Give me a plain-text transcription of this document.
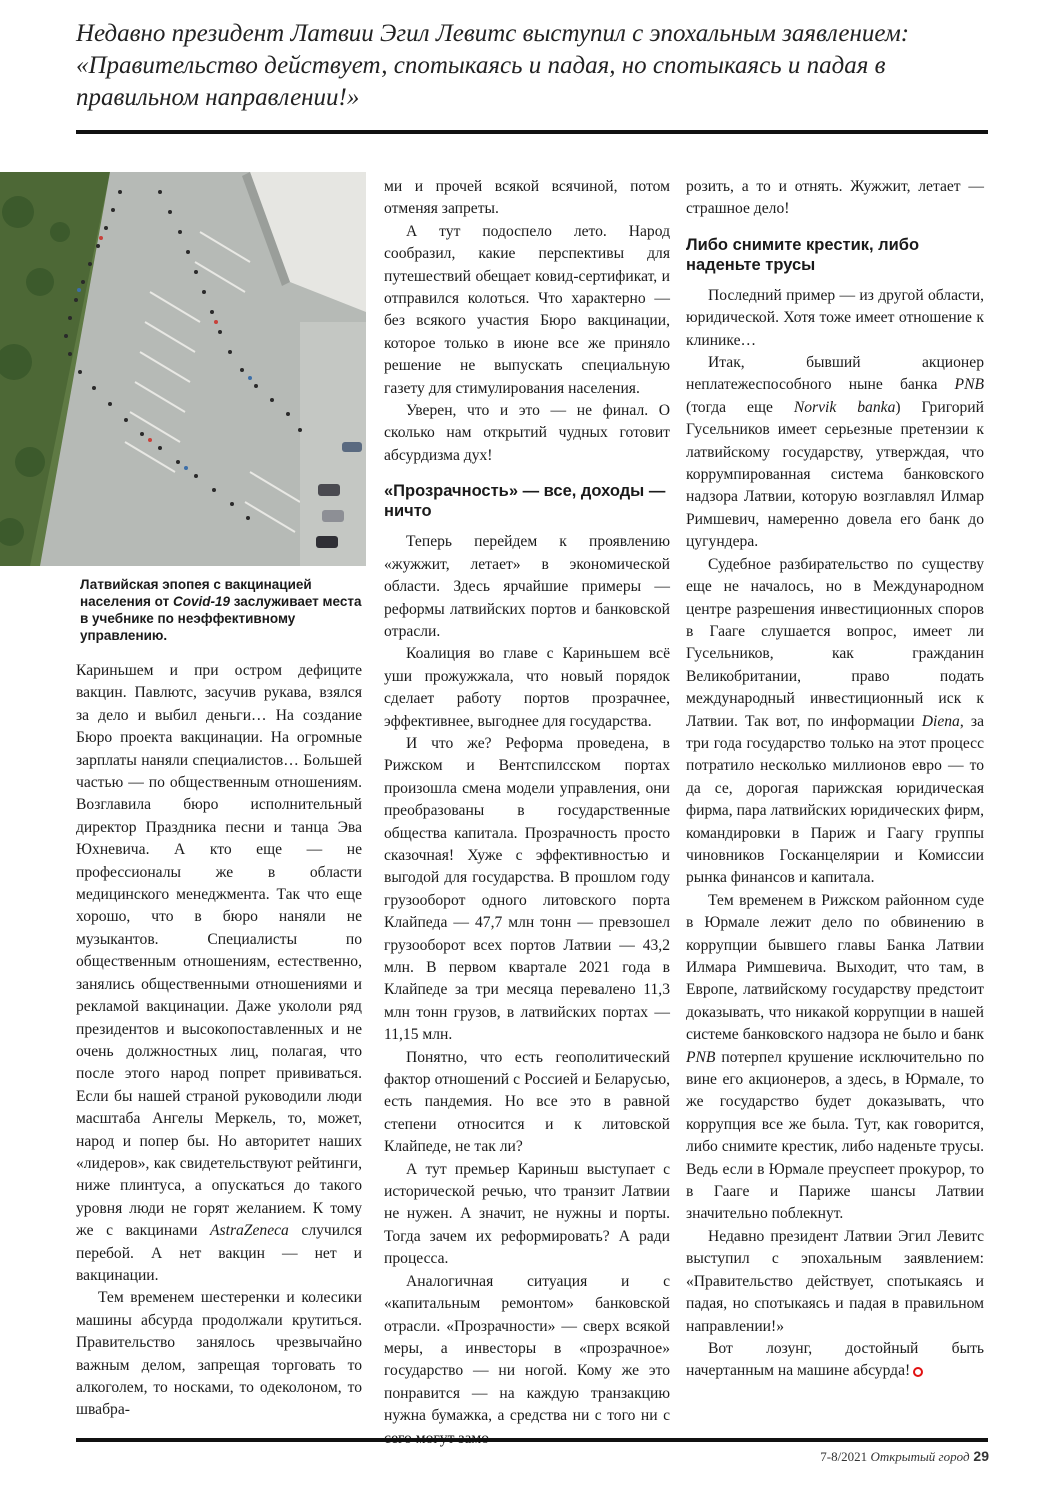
Недавно президент Латвии Эгил Левитс выступил с эпохальным заявлением: «Правительство действует, спотыкаясь и падая, но спотыкаясь и падая в правильном направлении!»

Латвийская эпопея с вакцинацией населения от Covid-19 заслуживает места в учебнике по неэффективному управлению.

Кариньшем и при остром дефиците вакцин. Павлютс, засучив рукава, взялся за дело и выбил деньги… На создание Бюро проекта вакцинации. На огромные зарплаты наняли специалистов… Большей частью — по общественным отношениям. Возглавила бюро исполнительный директор Праздника песни и танца Эва Юхневича. А кто еще — не профессионалы же в области медицинского менеджмента. Так что еще хорошо, что в бюро наняли не музыкантов. Специалисты по общественным отношениям, естественно, занялись общественными отношениями и рекламой вакцинации. Даже укололи ряд президентов и высокопоставленных и не очень должностных лиц, полагая, что после этого народ попрет прививаться. Если бы нашей страной руководили люди масштаба Ангелы Меркель, то, может, народ и попер бы. Но авторитет наших «лидеров», как свидетельствуют рейтинги, ниже плинтуса, а опускаться до такого уровня люди не горят желанием. К тому же с вакцинами AstraZeneca случился перебой. А нет вакцин — нет и вакцинации.

Тем временем шестеренки и колесики машины абсурда продолжали крутиться. Правительство занялось чрезвычайно важным делом, запрещая торговать то алкоголем, то носками, то одеколоном, то швабра-

ми и прочей всякой всячиной, потом отменяя запреты.

А тут подоспело лето. Народ сообразил, какие перспективы для путешествий обещает ковид-сертификат, и отправился колоться. Что характерно — без всякого участия Бюро вакцинации, которое только в июне все же приняло решение не выпускать специальную газету для стимулирования населения.

Уверен, что и это — не финал. О сколько нам открытий чудных готовит абсурдизма дух!

«Прозрачность» — все, доходы — ничто

Теперь перейдем к проявлению «жужжит, летает» в экономической области. Здесь ярчайшие примеры — реформы латвийских портов и банковской отрасли.

Коалиция во главе с Кариньшем всё уши прожужжала, что новый порядок сделает работу портов прозрачнее, эффективнее, выгоднее для государства.

И что же? Реформа проведена, в Рижском и Вентспилсском портах произошла смена модели управления, они преобразованы в государственные общества капитала. Прозрачность просто сказочная! Хуже с эффективностью и выгодой для государства. В прошлом году грузооборот одного литовского порта Клайпеда — 47,7 млн тонн — превзошел грузооборот всех портов Латвии — 43,2 млн. В первом квартале 2021 года в Клайпеде за три месяца перевалено 11,3 млн тонн грузов, в латвийских портах —11,15 млн.

Понятно, что есть геополитический фактор отношений с Россией и Беларусью, есть пандемия. Но все это в равной степени относится и к литовской Клайпеде, не так ли?

А тут премьер Кариньш выступает с исторической речью, что транзит Латвии не нужен. А значит, не нужны и порты. Тогда зачем их реформировать? А ради процесса.

Аналогичная ситуация и с «капитальным ремонтом» банковской отрасли. «Прозрачности» — сверх всякой меры, а инвесторы в «прозрачное» государство — ни ногой. Кому же это понравится — на каждую транзакцию нужна бумажка, а средства ни с того ни с

розить, а то и отнять. Жужжит, летает — страшное дело!

Либо снимите крестик, либо наденьте трусы

Последний пример — из другой области, юридической. Хотя тоже имеет отношение к клинике…

Итак, бывший акционер неплатежеспособного ныне банка PNB (тогда еще Norvik banka) Григорий Гусельников имеет серьезные претензии к латвийскому государству, утверждая, что коррумпированная система банковского надзора Латвии, которую возглавлял Илмар Римшевич, намеренно довела его банк до цугундера.

Судебное разбирательство по существу еще не началось, но в Международном центре разрешения инвестиционных споров в Гааге слушается вопрос, имеет ли Гусельников, как гражданин Великобритании, право подать международный инвестиционный иск к Латвии. Так вот, по информации Diena, за три года государство только на этот процесс потратило несколько миллионов евро — то да се, дорогая парижская юридическая фирма, пара латвийских юридических фирм, командировки в Париж и Гаагу группы чиновников Госканцелярии и Комиссии рынка финансов и капитала.

Тем временем в Рижском районном суде в Юрмале лежит дело по обвинению в коррупции бывшего главы Банка Латвии Илмара Римшевича. Выходит, что там, в Европе, латвийскому государству предстоит доказывать, что никакой коррупции в нашей системе банковского надзора не было и банк PNB потерпел крушение исключительно по вине его акционеров, а здесь, в Юрмале, то же государство будет доказывать, что коррупция все же была. Тут, как говорится, либо снимите крестик, либо наденьте трусы. Ведь если в Юрмале преуспеет прокурор, то в Гааге и Париже шансы Латвии значительно поблекнут.

Недавно президент Латвии Эгил Левитс выступил с эпохальным заявлением: «Правительство действует, спотыкаясь и падая, но спотыкаясь и падая в правильном направлении!»

Вот лозунг, достойный быть начертанным на машине абсурда!

7-8/2021 Открытый город 29
